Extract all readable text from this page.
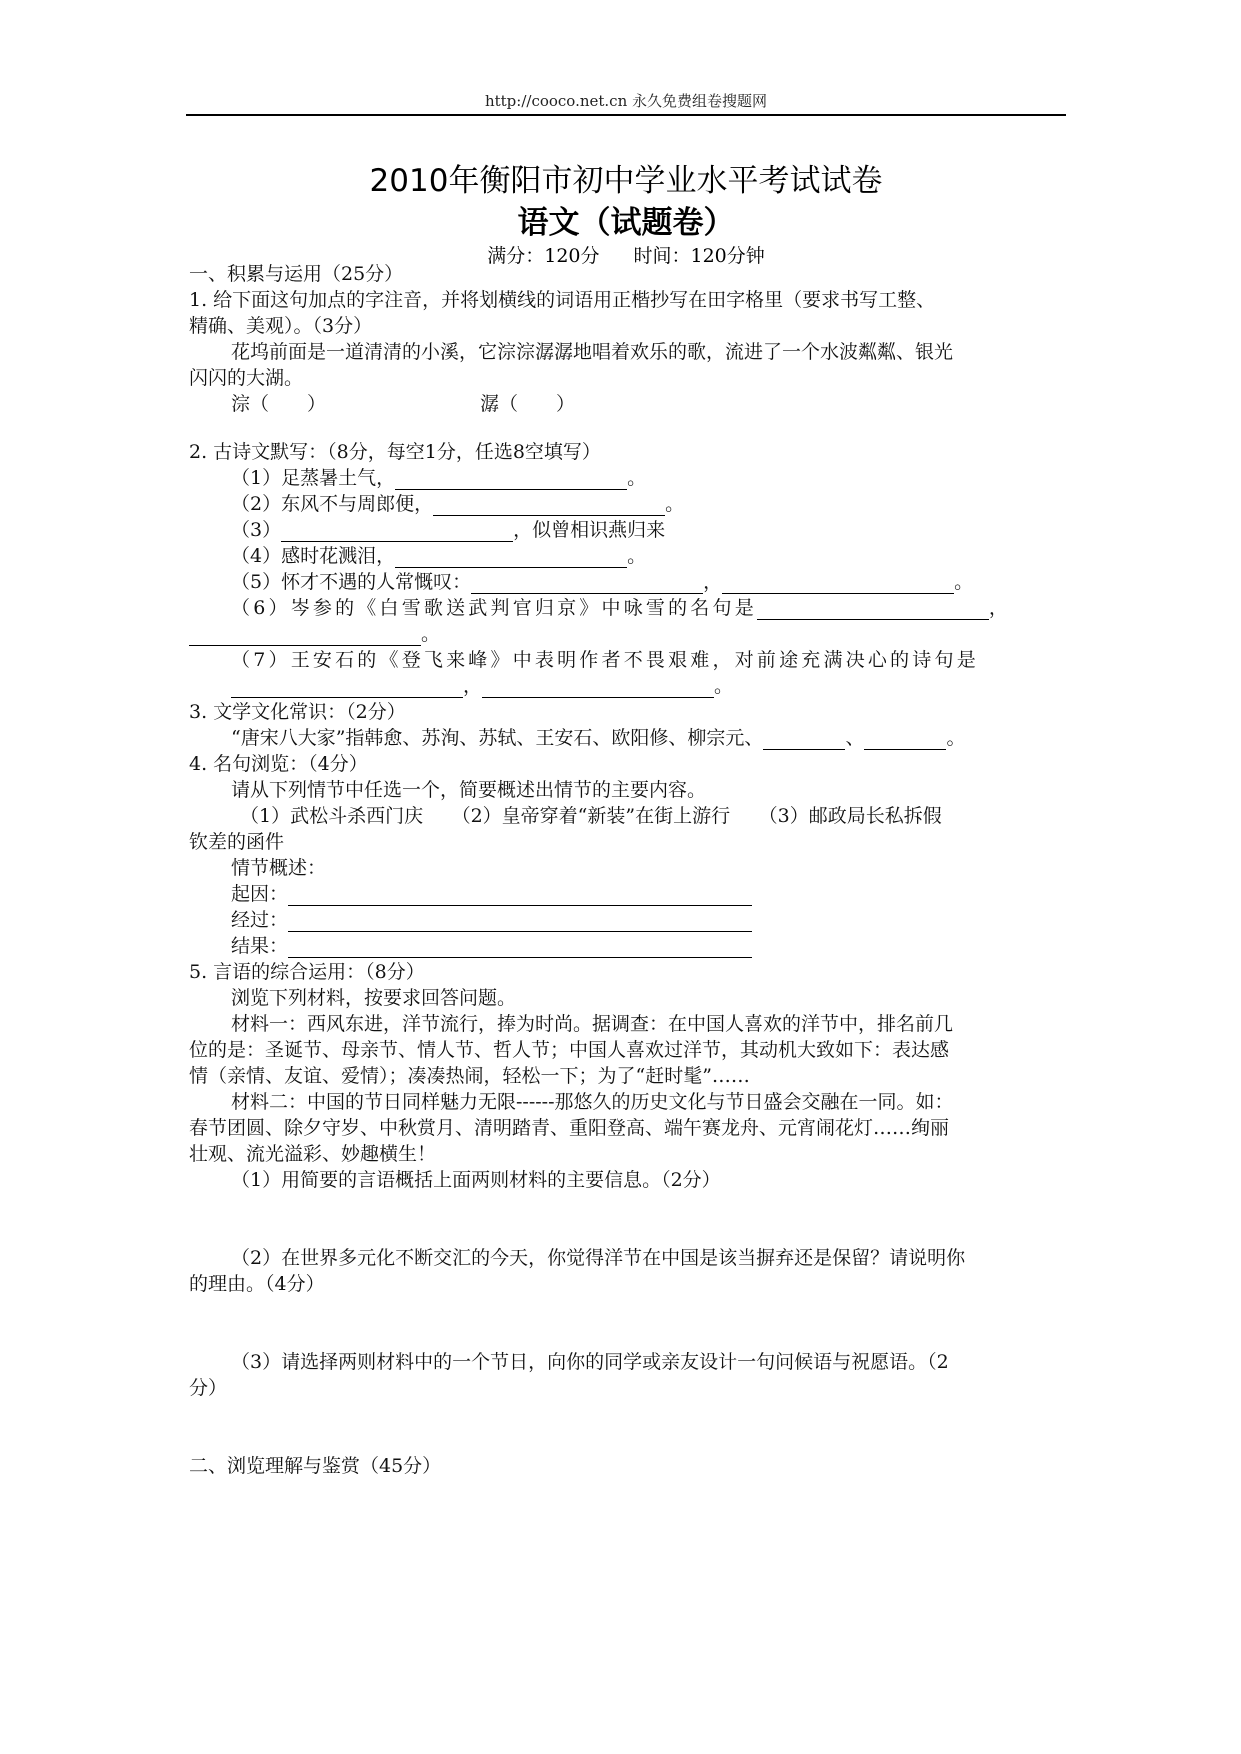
http://cooco.net.cn 永久免费组卷搜题网
2010年衡阳市初中学业水平考试试卷
语文（试题卷）
满分：120分 时间：120分钟
一、积累与运用（25分）
1. 给下面这句加点的字注音，并将划横线的词语用正楷抄写在田字格里（要求书写工整、
精确、美观）。（3分）
花坞前面是一道清清的小溪，它淙淙潺潺地唱着欢乐的歌，流进了一个水波粼粼、银光
闪闪的大湖。
淙（　　）	潺（　　）
2. 古诗文默写：（8分，每空1分，任选8空填写）
（1）足蒸暑土气，	。
（2）东风不与周郎便，	。
（3）	，似曾相识燕归来
（4）感时花溅泪，	。
（5）怀才不遇的人常慨叹：	，	。
（6）岑参的《白雪歌送武判官归京》中咏雪的名句是	，
。
（7）王安石的《登飞来峰》中表明作者不畏艰难，对前途充满决心的诗句是
，	。
3. 文学文化常识：（2分）
“唐宋八大家”指韩愈、苏洵、苏轼、王安石、欧阳修、柳宗元、	、	。
4. 名句浏览：（4分）
请从下列情节中任选一个，简要概述出情节的主要内容。
（1）武松斗杀西门庆　　（2）皇帝穿着“新装”在街上游行　　（3）邮政局长私拆假
钦差的函件
情节概述：
起因：
经过：
结果：
5. 言语的综合运用：（8分）
浏览下列材料，按要求回答问题。
材料一：西风东进，洋节流行，捧为时尚。据调查：在中国人喜欢的洋节中，排名前几
位的是：圣诞节、母亲节、情人节、哲人节；中国人喜欢过洋节，其动机大致如下：表达感
情（亲情、友谊、爱情）；凑凑热闹，轻松一下；为了“赶时髦”……
材料二：中国的节日同样魅力无限------那悠久的历史文化与节日盛会交融在一同。如：
春节团圆、除夕守岁、中秋赏月、清明踏青、重阳登高、端午赛龙舟、元宵闹花灯……绚丽
壮观、流光溢彩、妙趣横生！
（1）用简要的言语概括上面两则材料的主要信息。（2分）
（2）在世界多元化不断交汇的今天，你觉得洋节在中国是该当摒弃还是保留？请说明你
的理由。（4分）
（3）请选择两则材料中的一个节日，向你的同学或亲友设计一句问候语与祝愿语。（2
分）
二、浏览理解与鉴赏（45分）
